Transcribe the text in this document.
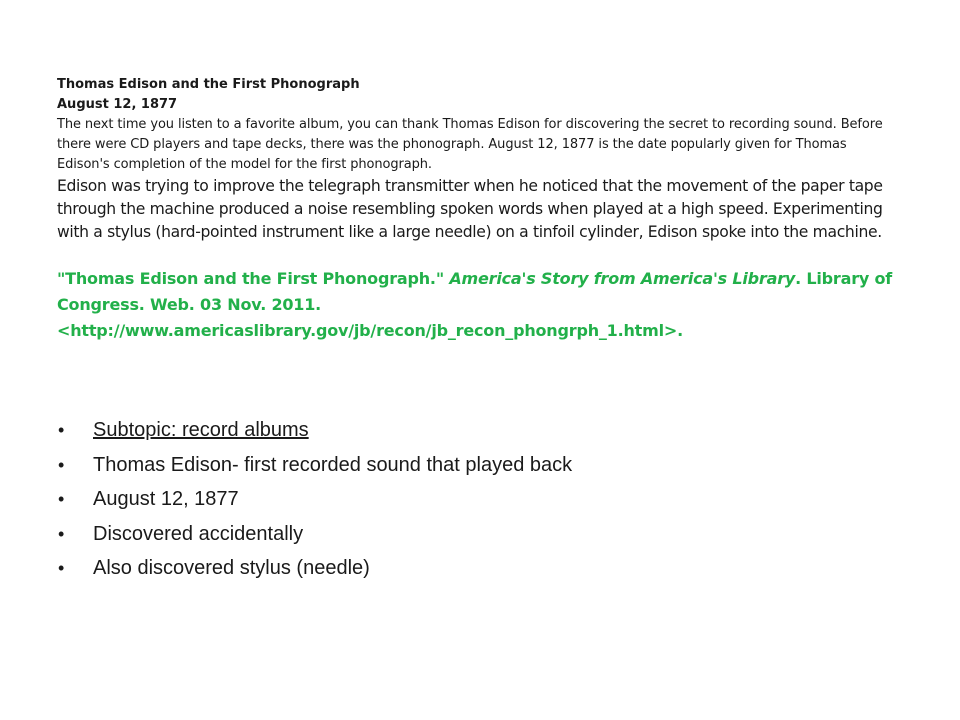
Thomas Edison and the First Phonograph

August 12, 1877

The next time you listen to a favorite album, you can thank Thomas Edison for discovering the secret to recording sound. Before there were CD players and tape decks, there was the phonograph. August 12, 1877 is the date popularly given for Thomas Edison's completion of the model for the first phonograph.

Edison was trying to improve the telegraph transmitter when he noticed that the movement of the paper tape through the machine produced a noise resembling spoken words when played at a high speed. Experimenting with a stylus (hard-pointed instrument like a large needle) on a tinfoil cylinder, Edison spoke into the machine.

"Thomas Edison and the First Phonograph." America's Story from America's Library. Library of Congress. Web. 03 Nov. 2011. <http://www.americaslibrary.gov/jb/recon/jb_recon_phongrph_1.html>.
• Subtopic: record albums
• Thomas Edison- first recorded sound that played back
• August 12, 1877
• Discovered accidentally
• Also discovered stylus (needle)
